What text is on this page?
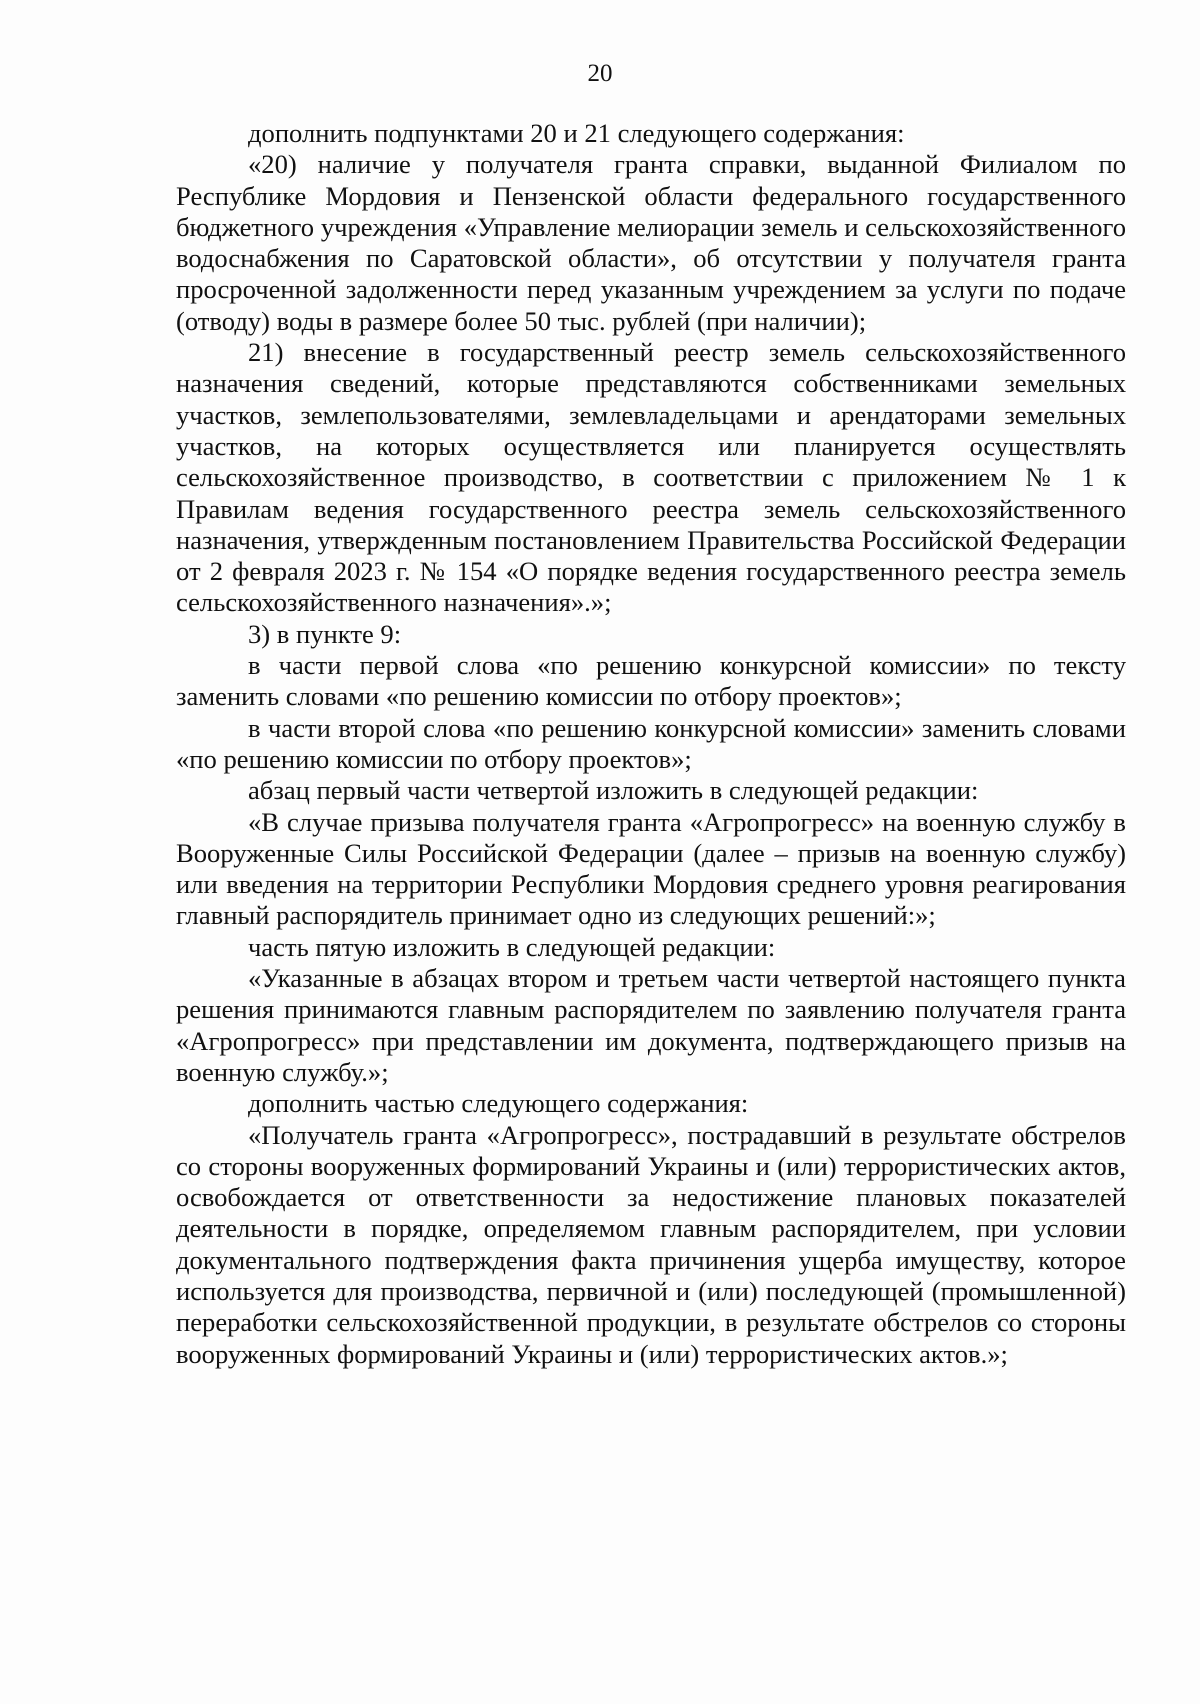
20

дополнить подпунктами 20 и 21 следующего содержания:

«20) наличие у получателя гранта справки, выданной Филиалом по Республике Мордовия и Пензенской области федерального государственного бюджетного учреждения «Управление мелиорации земель и сельскохозяйственного водоснабжения по Саратовской области», об отсутствии у получателя гранта просроченной задолженности перед указанным учреждением за услуги по подаче (отводу) воды в размере более 50 тыс. рублей (при наличии);

21) внесение в государственный реестр земель сельскохозяйственного назначения сведений, которые представляются собственниками земельных участков, землепользователями, землевладельцами и арендаторами земельных участков, на которых осуществляется или планируется осуществлять сельскохозяйственное производство, в соответствии с приложением № 1 к Правилам ведения государственного реестра земель сельскохозяйственного назначения, утвержденным постановлением Правительства Российской Федерации от 2 февраля 2023 г. № 154 «О порядке ведения государственного реестра земель сельскохозяйственного назначения».»;

3) в пункте 9:

в части первой слова «по решению конкурсной комиссии» по тексту заменить словами «по решению комиссии по отбору проектов»;

в части второй слова «по решению конкурсной комиссии» заменить словами «по решению комиссии по отбору проектов»;

абзац первый части четвертой изложить в следующей редакции:

«В случае призыва получателя гранта «Агропрогресс» на военную службу в Вооруженные Силы Российской Федерации (далее – призыв на военную службу) или введения на территории Республики Мордовия среднего уровня реагирования главный распорядитель принимает одно из следующих решений:»;

часть пятую изложить в следующей редакции:

«Указанные в абзацах втором и третьем части четвертой настоящего пункта решения принимаются главным распорядителем по заявлению получателя гранта «Агропрогресс» при представлении им документа, подтверждающего призыв на военную службу.»;

дополнить частью следующего содержания:

«Получатель гранта «Агропрогресс», пострадавший в результате обстрелов со стороны вооруженных формирований Украины и (или) террористических актов, освобождается от ответственности за недостижение плановых показателей деятельности в порядке, определяемом главным распорядителем, при условии документального подтверждения факта причинения ущерба имуществу, которое используется для производства, первичной и (или) последующей (промышленной) переработки сельскохозяйственной продукции, в результате обстрелов со стороны вооруженных формирований Украины и (или) террористических актов.»;
